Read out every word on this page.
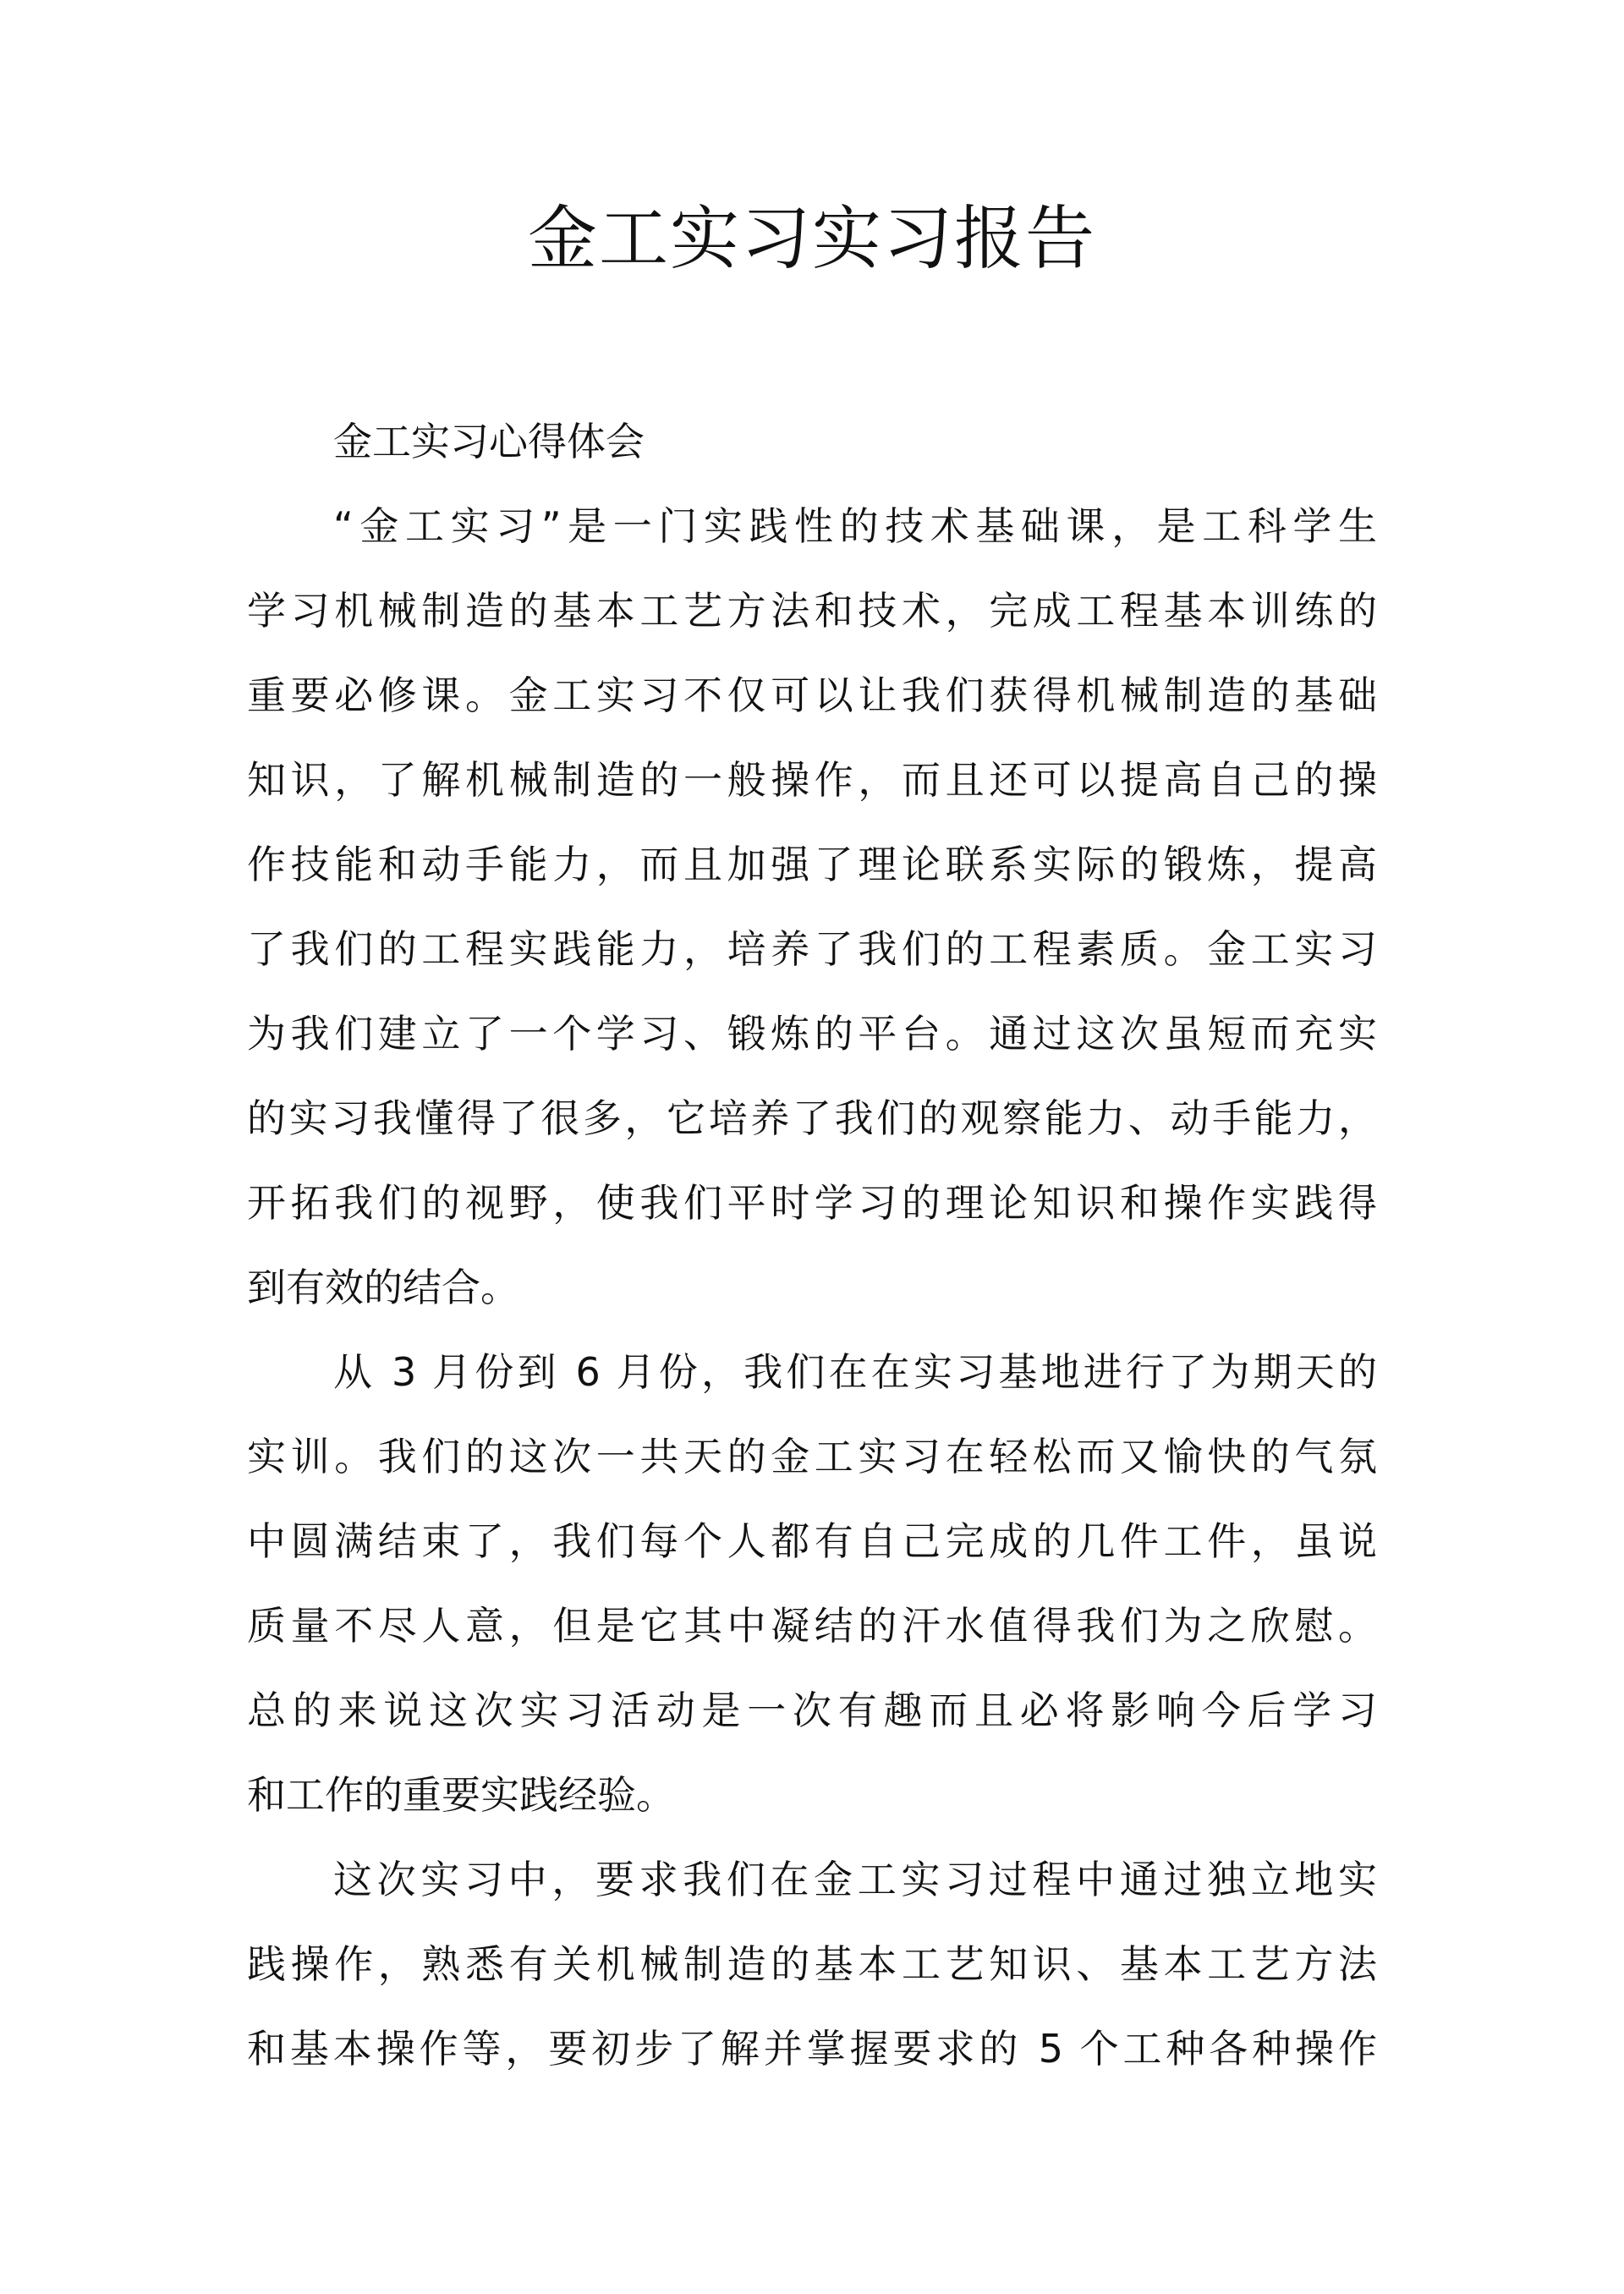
金工实习实习报告
金工实习心得体会
“金工实习”是一门实践性的技术基础课，是工科学生
学习机械制造的基本工艺方法和技术，完成工程基本训练的
重要必修课。金工实习不仅可以让我们获得机械制造的基础
知识，了解机械制造的一般操作，而且还可以提高自己的操
作技能和动手能力，而且加强了理论联系实际的锻炼，提高
了我们的工程实践能力，培养了我们的工程素质。金工实习
为我们建立了一个学习、锻炼的平台。通过这次虽短而充实
的实习我懂得了很多，它培养了我们的观察能力、动手能力，
开拓我们的视野，使我们平时学习的理论知识和操作实践得
到有效的结合。
从 3 月份到 6 月份，我们在在实习基地进行了为期天的
实训。我们的这次一共天的金工实习在轻松而又愉快的气氛
中圆满结束了，我们每个人都有自己完成的几件工件，虽说
质量不尽人意，但是它其中凝结的汗水值得我们为之欣慰。
总的来说这次实习活动是一次有趣而且必将影响今后学习
和工作的重要实践经验。
这次实习中，要求我们在金工实习过程中通过独立地实
践操作，熟悉有关机械制造的基本工艺知识、基本工艺方法
和基本操作等，要初步了解并掌握要求的 5 个工种各种操作
